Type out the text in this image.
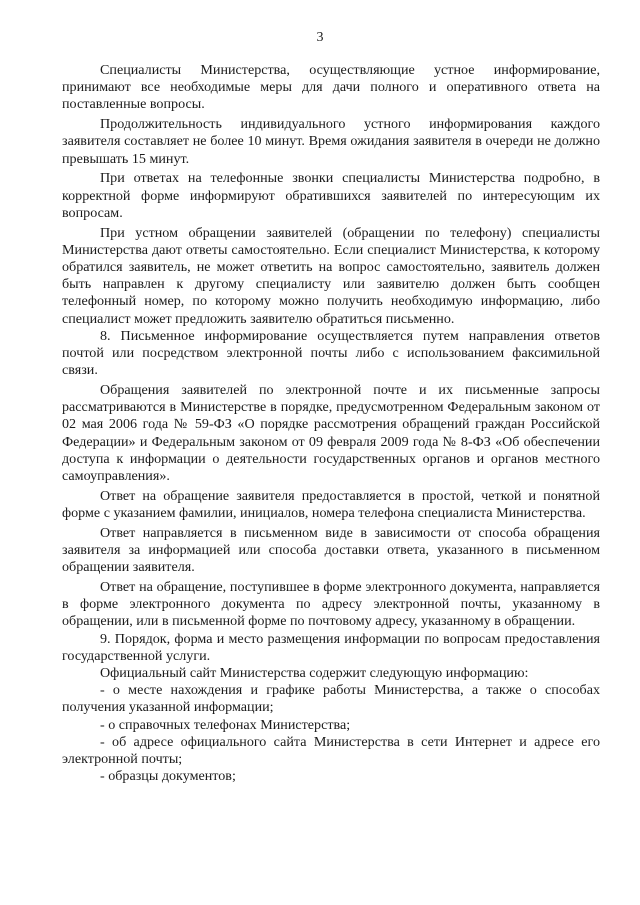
3

Специалисты Министерства, осуществляющие устное информирование, принимают все необходимые меры для дачи полного и оперативного ответа на поставленные вопросы.

Продолжительность индивидуального устного информирования каждого заявителя составляет не более 10 минут. Время ожидания заявителя в очереди не должно превышать 15 минут.

При ответах на телефонные звонки специалисты Министерства подробно, в корректной форме информируют обратившихся заявителей по интересующим их вопросам.

При устном обращении заявителей (обращении по телефону) специалисты Министерства дают ответы самостоятельно. Если специалист Министерства, к которому обратился заявитель, не может ответить на вопрос самостоятельно, заявитель должен быть направлен к другому специалисту или заявителю должен быть сообщен телефонный номер, по которому можно получить необходимую информацию, либо специалист может предложить заявителю обратиться письменно.

8. Письменное информирование осуществляется путем направления ответов почтой или посредством электронной почты либо с использованием факсимильной связи.

Обращения заявителей по электронной почте и их письменные запросы рассматриваются в Министерстве в порядке, предусмотренном Федеральным законом от 02 мая 2006 года № 59-ФЗ «О порядке рассмотрения обращений граждан Российской Федерации» и Федеральным законом от 09 февраля 2009 года № 8-ФЗ «Об обеспечении доступа к информации о деятельности государственных органов и органов местного самоуправления».

Ответ на обращение заявителя предоставляется в простой, четкой и понятной форме с указанием фамилии, инициалов, номера телефона специалиста Министерства.

Ответ направляется в письменном виде в зависимости от способа обращения заявителя за информацией или способа доставки ответа, указанного в письменном обращении заявителя.

Ответ на обращение, поступившее в форме электронного документа, направляется в форме электронного документа по адресу электронной почты, указанному в обращении, или в письменной форме по почтовому адресу, указанному в обращении.

9. Порядок, форма и место размещения информации по вопросам предоставления государственной услуги.

Официальный сайт Министерства содержит следующую информацию:

- о месте нахождения и графике работы Министерства, а также о способах получения указанной информации;

- о справочных телефонах Министерства;

- об адресе официального сайта Министерства в сети Интернет и адресе его электронной почты;

- образцы документов;
